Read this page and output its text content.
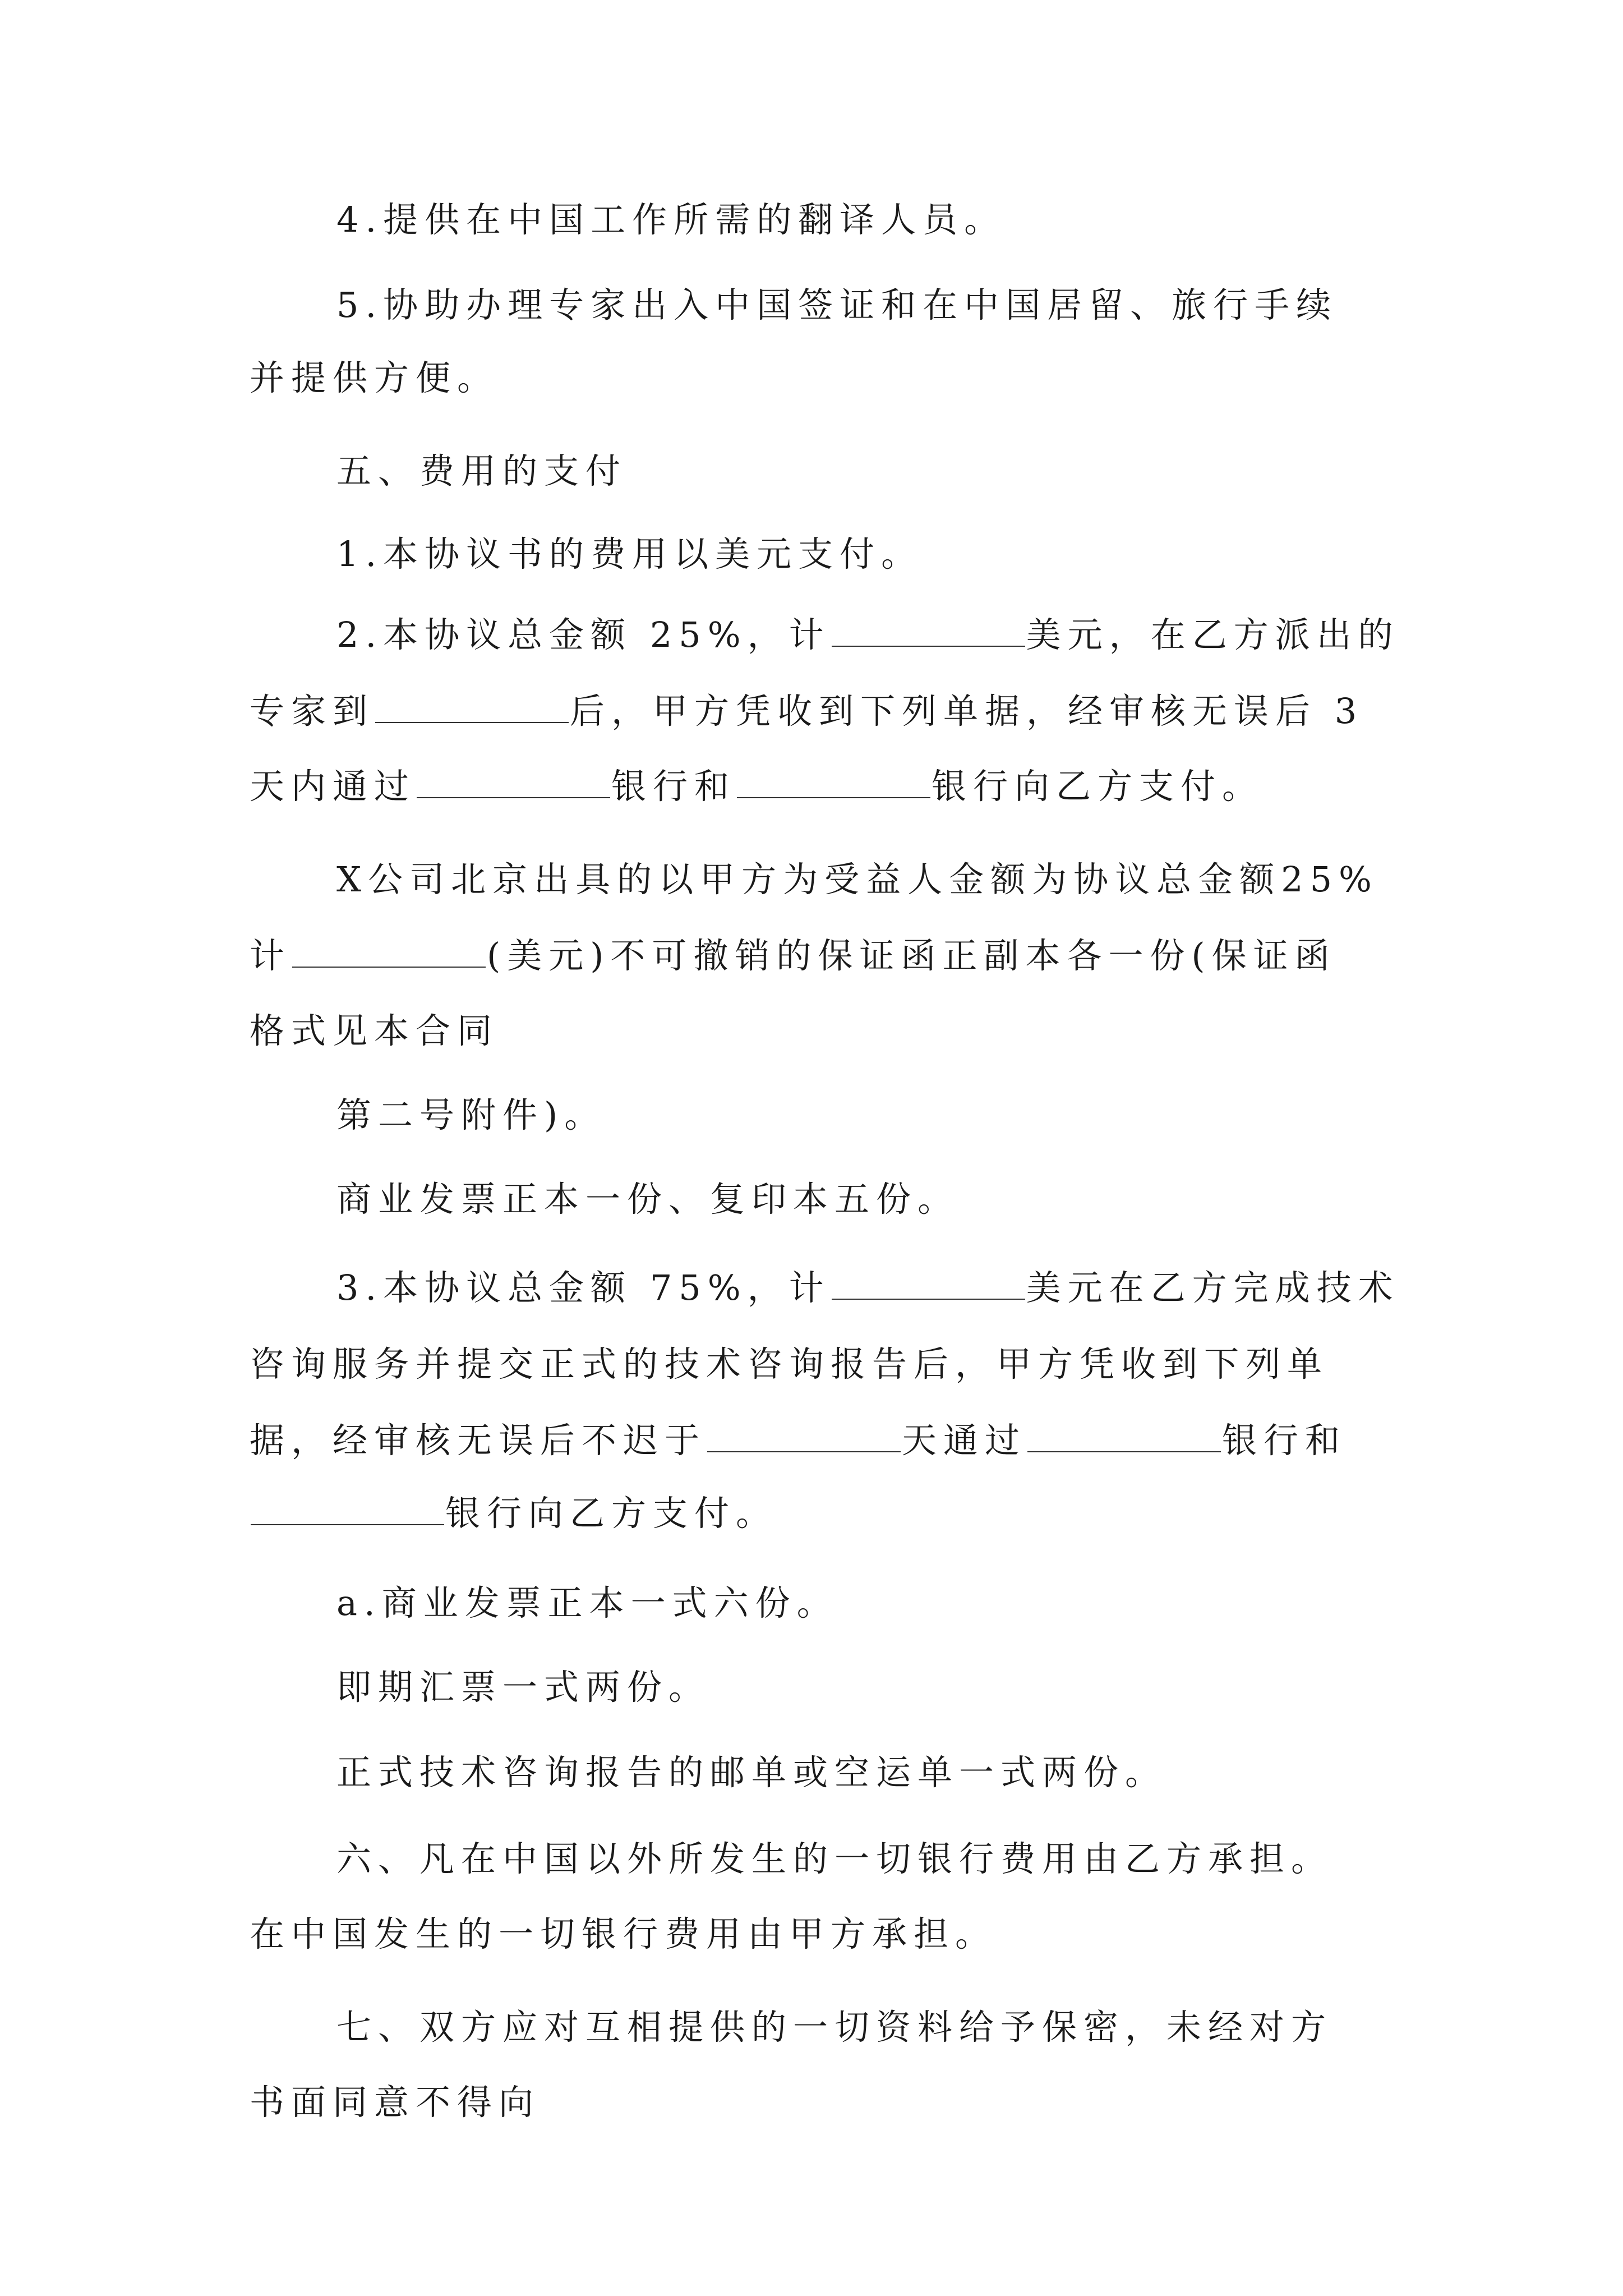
4.提供在中国工作所需的翻译人员。
5.协助办理专家出入中国签证和在中国居留、旅行手续
并提供方便。
五、费用的支付
1.本协议书的费用以美元支付。
2.本协议总金额 25%，计	美元，在乙方派出的
专家到	后，甲方凭收到下列单据，经审核无误后 3
天内通过	银行和	银行向乙方支付。
X公司北京出具的以甲方为受益人金额为协议总金额25%
计	(美元)不可撤销的保证函正副本各一份(保证函
格式见本合同
第二号附件)。
商业发票正本一份、复印本五份。
3.本协议总金额 75%，计	美元在乙方完成技术
咨询服务并提交正式的技术咨询报告后，甲方凭收到下列单
据，经审核无误后不迟于	天通过	银行和
银行向乙方支付。
a.商业发票正本一式六份。
即期汇票一式两份。
正式技术咨询报告的邮单或空运单一式两份。
六、凡在中国以外所发生的一切银行费用由乙方承担。
在中国发生的一切银行费用由甲方承担。
七、双方应对互相提供的一切资料给予保密，未经对方
书面同意不得向
